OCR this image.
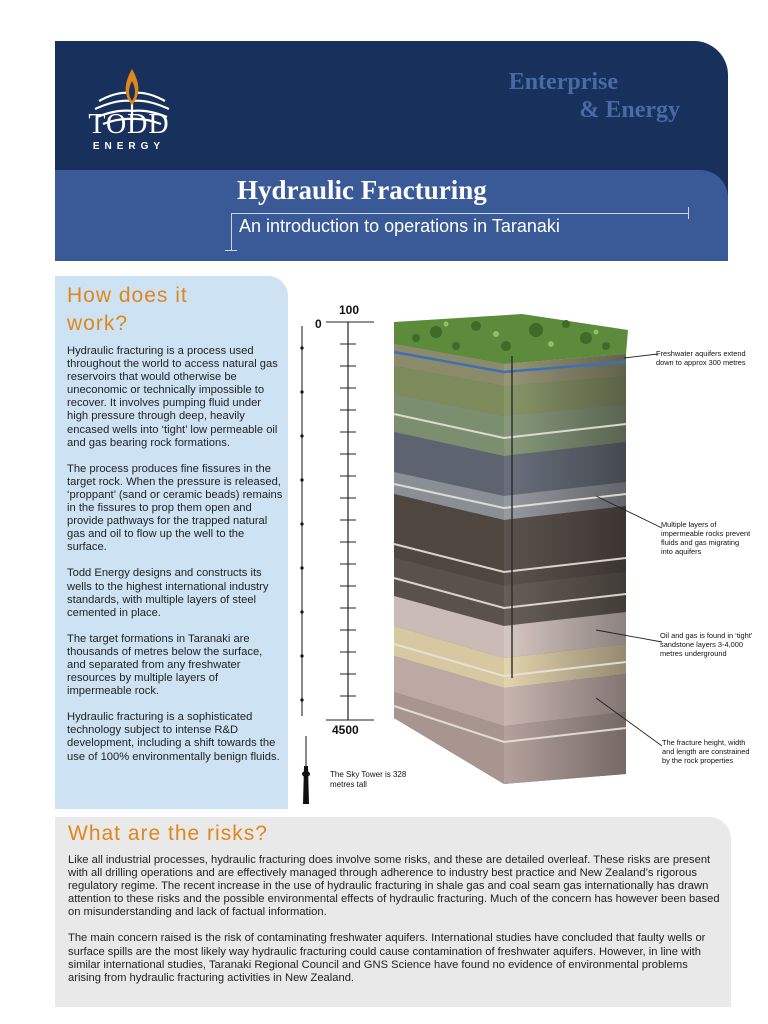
TODD
ENERGY
Enterprise
& Energy
Hydraulic Fracturing
An introduction to operations in Taranaki
How does it
work?

Hydraulic fracturing is a process used throughout the world to access natural gas reservoirs that would otherwise be uneconomic or technically impossible to recover. It involves pumping fluid under high pressure through deep, heavily encased wells into ‘tight’ low permeable oil and gas bearing rock formations.

The process produces fine fissures in the target rock. When the pressure is released, ‘proppant’ (sand or ceramic beads) remains in the fissures to prop them open and provide pathways for the trapped natural gas and oil to flow up the well to the surface.

Todd Energy designs and constructs its wells to the highest international industry standards, with multiple layers of steel cemented in place.

The target formations in Taranaki are thousands of metres below the surface, and separated from any freshwater resources by multiple layers of impermeable rock.

Hydraulic fracturing is a sophisticated technology subject to intense R&D development, including a shift towards the use of 100% environmentally benign fluids.

100
0
4500
The Sky Tower is 328 metres tall
Freshwater aquifers extend down to approx 300 metres
Multiple layers of impermeable rocks prevent fluids and gas migrating into aquifers
Oil and gas is found in ‘tight’ sandstone layers 3-4,000 metres underground
The fracture height, width and length are constrained by the rock properties
What are the risks?

Like all industrial processes, hydraulic fracturing does involve some risks, and these are detailed overleaf. These risks are present with all drilling operations and are effectively managed through adherence to industry best practice and New Zealand’s rigorous regulatory regime. The recent increase in the use of hydraulic fracturing in shale gas and coal seam gas internationally has drawn attention to these risks and the possible environmental effects of hydraulic fracturing. Much of the concern has however been based on misunderstanding and lack of factual information.

The main concern raised is the risk of contaminating freshwater aquifers. International studies have concluded that faulty wells or surface spills are the most likely way hydraulic fracturing could cause contamination of freshwater aquifers. However, in line with similar international studies, Taranaki Regional Council and GNS Science have found no evidence of environmental problems arising from hydraulic fracturing activities in New Zealand.
